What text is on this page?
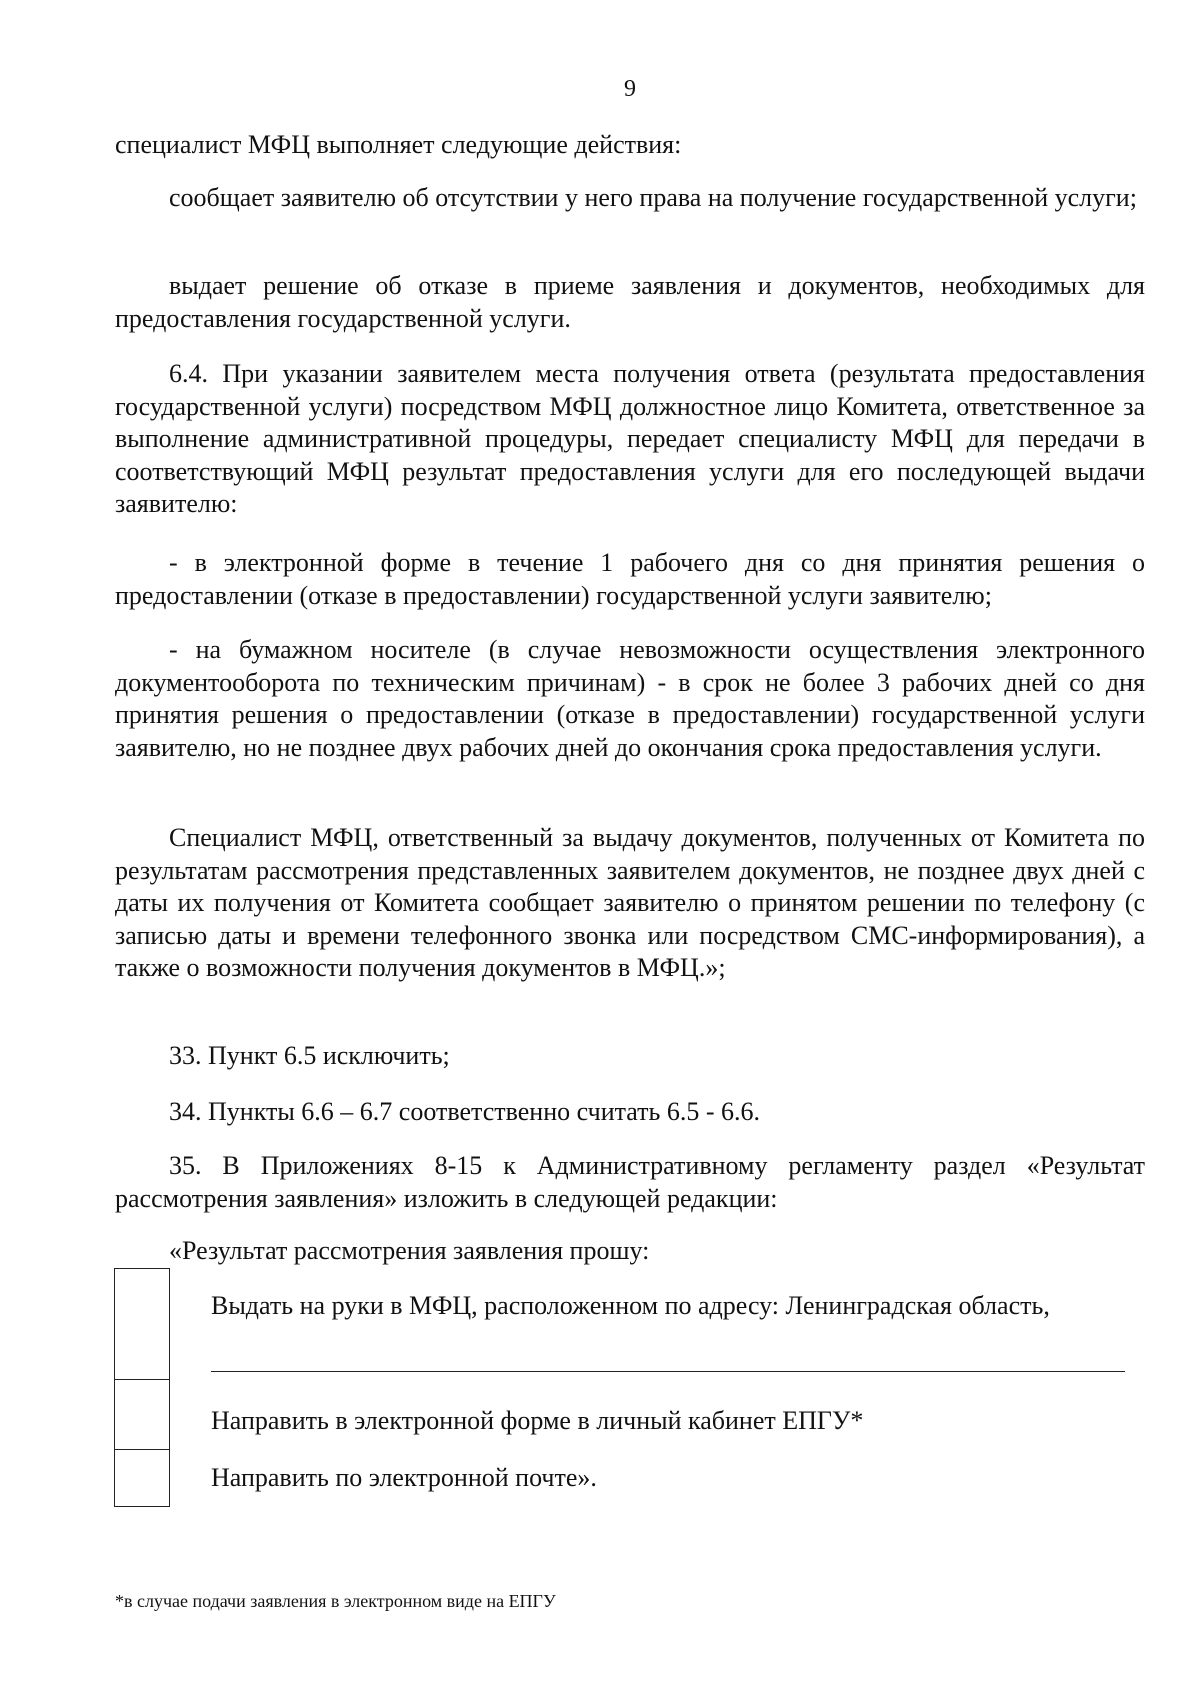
9

специалист МФЦ выполняет следующие действия:

сообщает заявителю об отсутствии у него права на получение государственной услуги;

выдает решение об отказе в приеме заявления и документов, необходимых для предоставления государственной услуги.

6.4. При указании заявителем места получения ответа (результата предоставления государственной услуги) посредством МФЦ должностное лицо Комитета, ответственное за выполнение административной процедуры, передает специалисту МФЦ для передачи в соответствующий МФЦ результат предоставления услуги для его последующей выдачи заявителю:

- в электронной форме в течение 1 рабочего дня со дня принятия решения о предоставлении (отказе в предоставлении) государственной услуги заявителю;

- на бумажном носителе (в случае невозможности осуществления электронного документооборота по техническим причинам) - в срок не более 3 рабочих дней со дня принятия решения о предоставлении (отказе в предоставлении) государственной услуги заявителю, но не позднее двух рабочих дней до окончания срока предоставления услуги.

Специалист МФЦ, ответственный за выдачу документов, полученных от Комитета по результатам рассмотрения представленных заявителем документов, не позднее двух дней с даты их получения от Комитета сообщает заявителю о принятом решении по телефону (с записью даты и времени телефонного звонка или посредством СМС-информирования), а также о возможности получения документов в МФЦ.»;

33. Пункт 6.5 исключить;

34. Пункты 6.6 – 6.7 соответственно считать 6.5 - 6.6.

35. В Приложениях 8-15 к Административному регламенту раздел «Результат рассмотрения заявления» изложить в следующей редакции:

«Результат рассмотрения заявления прошу:

Выдать на руки в МФЦ, расположенном по адресу: Ленинградская область,
Направить в электронной форме в личный кабинет ЕПГУ*
Направить по электронной почте».
*в случае подачи заявления в электронном виде на ЕПГУ
